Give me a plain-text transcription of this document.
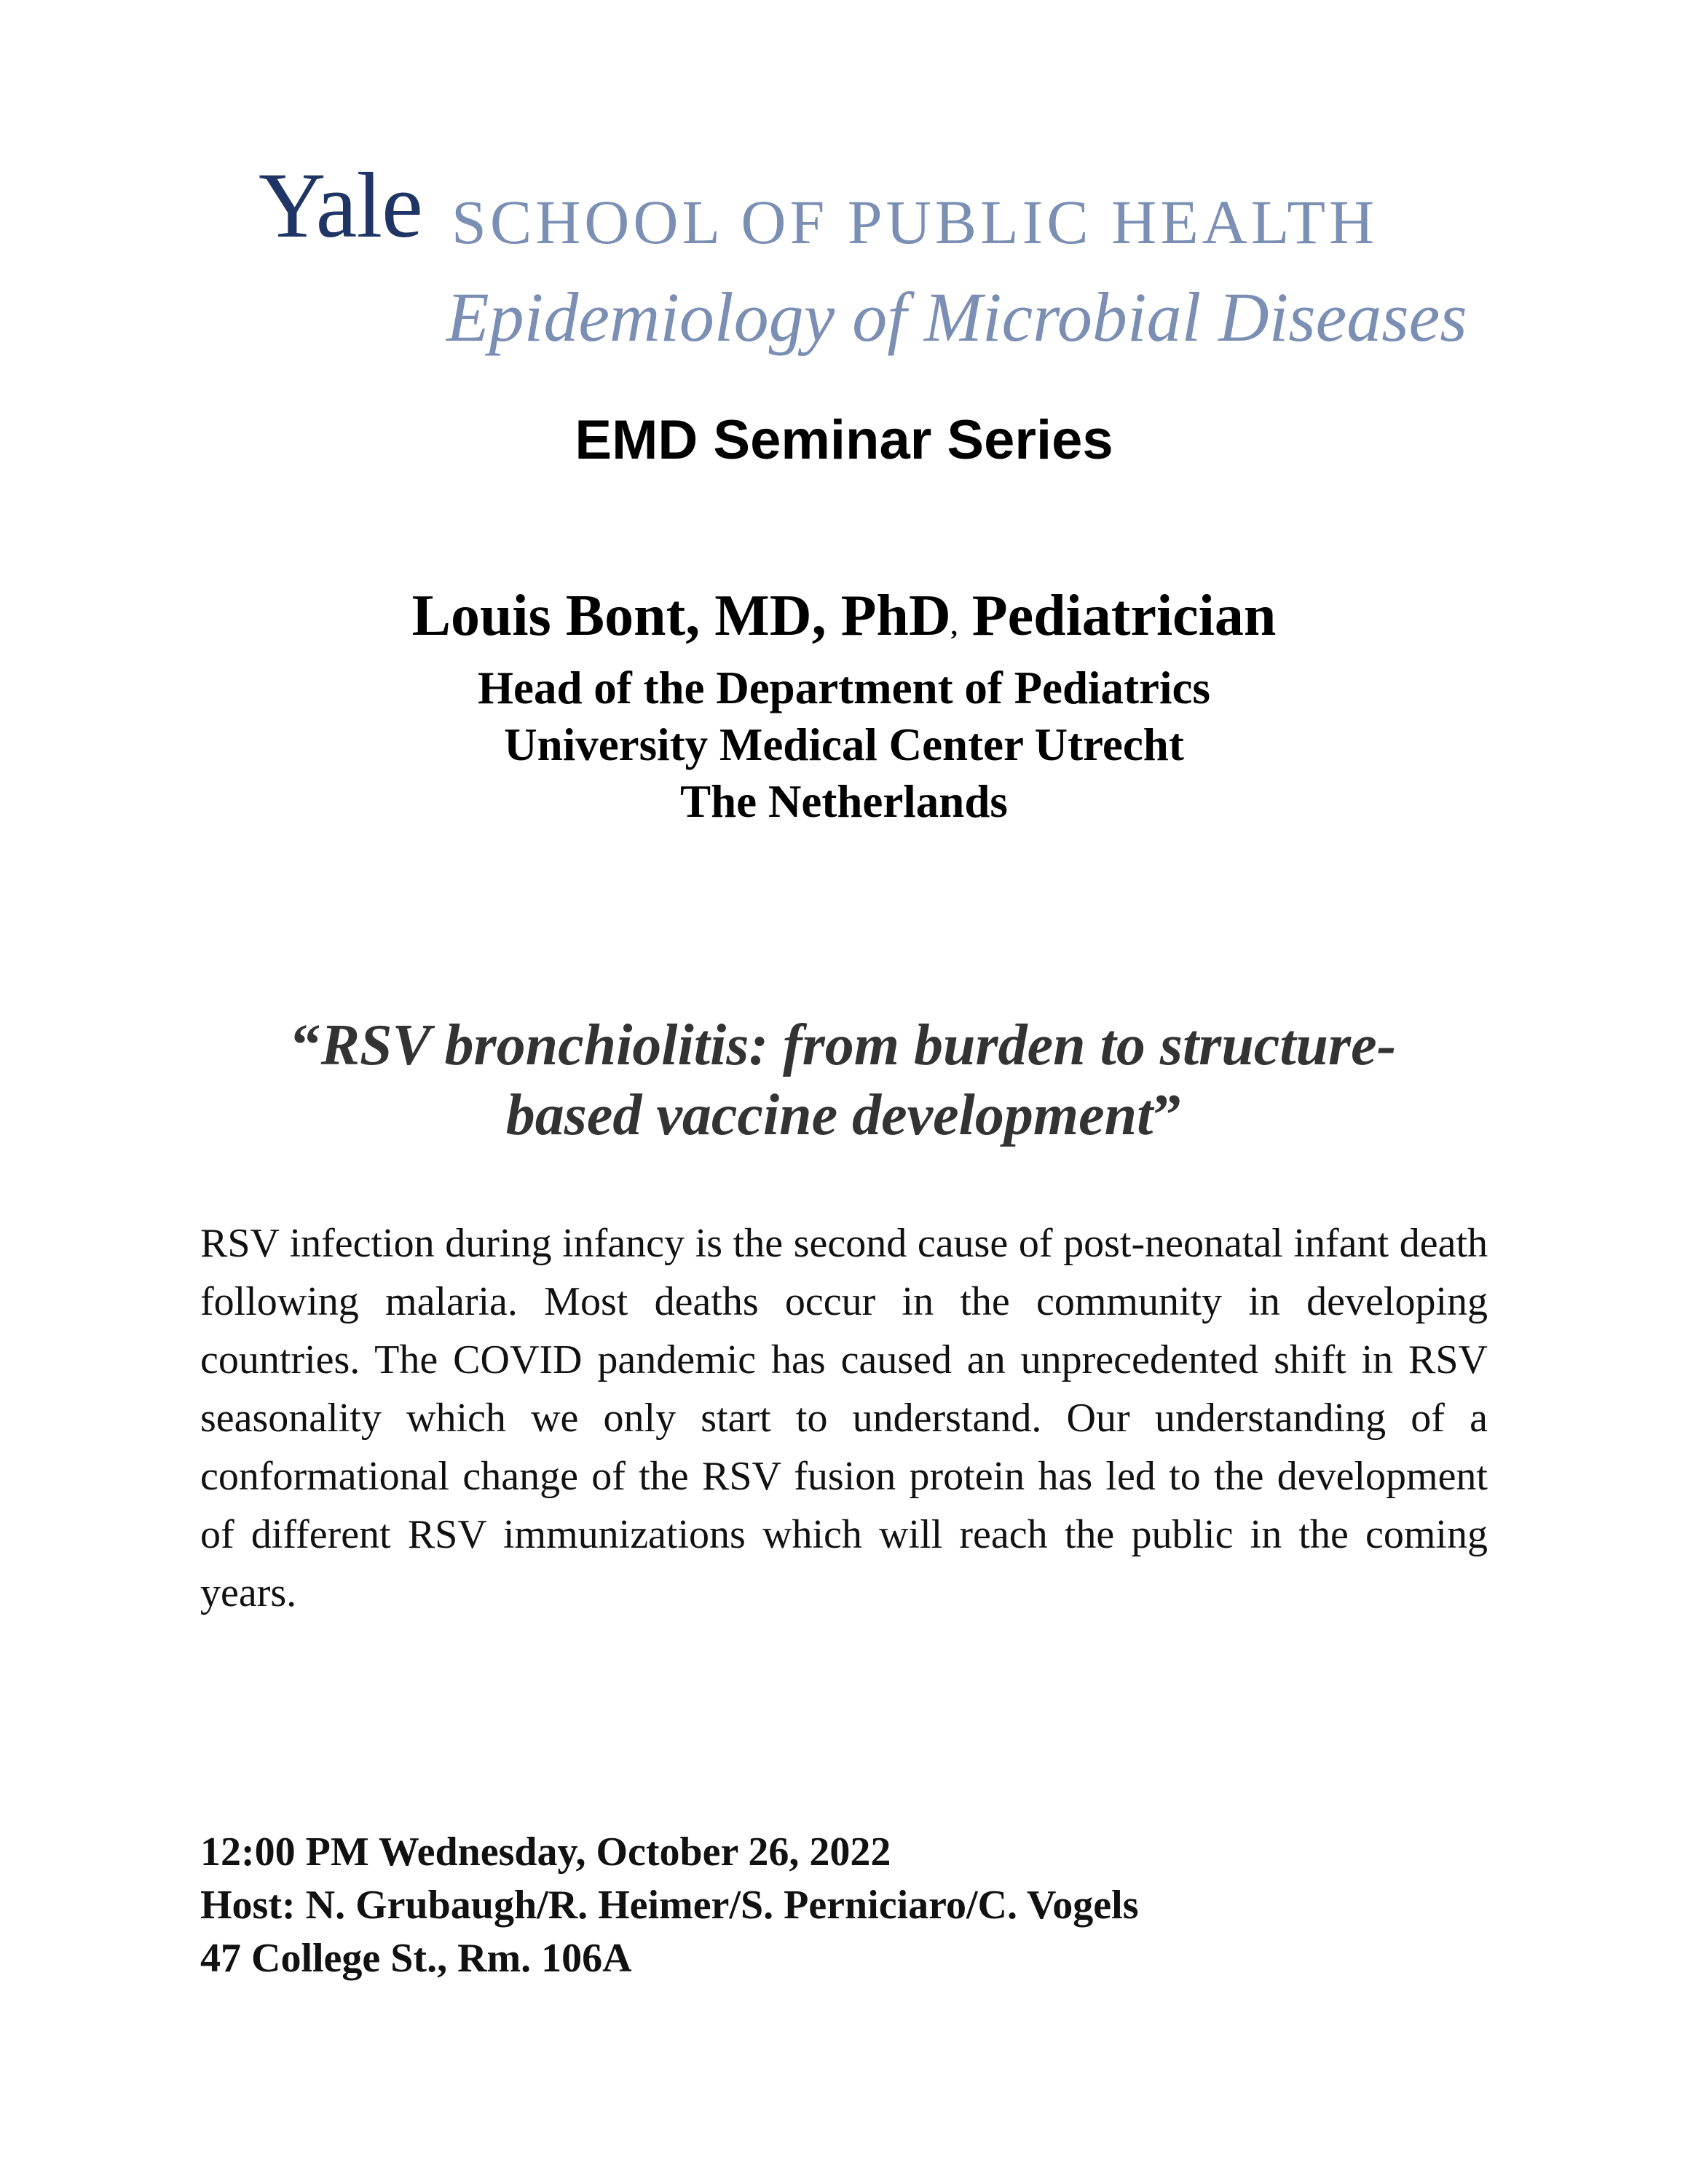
Yale SCHOOL OF PUBLIC HEALTH
Epidemiology of Microbial Diseases
EMD Seminar Series
Louis Bont, MD, PhD, Pediatrician
Head of the Department of Pediatrics
University Medical Center Utrecht
The Netherlands
“RSV bronchiolitis: from burden to structure-
based vaccine development”
RSV infection during infancy is the second cause of post-neonatal infant death following malaria. Most deaths occur in the community in developing countries. The COVID pandemic has caused an unprecedented shift in RSV seasonality which we only start to understand. Our understanding of a conformational change of the RSV fusion protein has led to the development of different RSV immunizations which will reach the public in the coming years.
12:00 PM Wednesday, October 26, 2022
Host: N. Grubaugh/R. Heimer/S. Perniciaro/C. Vogels
47 College St., Rm. 106A
